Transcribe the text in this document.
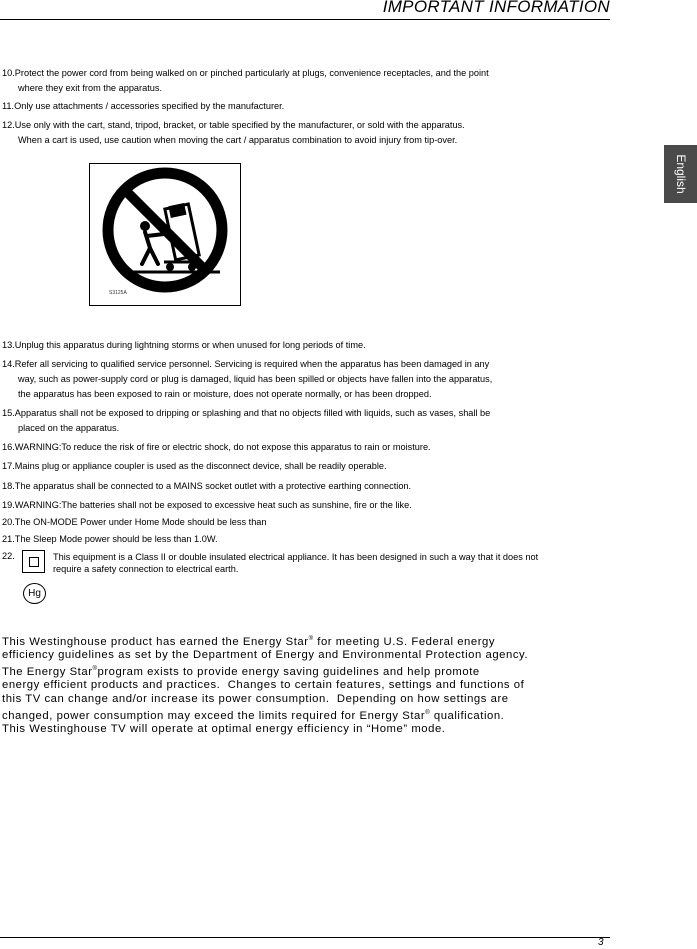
IMPORTANT INFORMATION
English
10.Protect the power cord from being walked on or pinched particularly at plugs, convenience receptacles, and the point
where they exit from the apparatus.
11.Only use attachments / accessories specified by the manufacturer.
12.Use only with the cart, stand, tripod, bracket, or table specified by the manufacturer, or sold with the apparatus.
When a cart is used, use caution when moving the cart / apparatus combination to avoid injury from tip-over.
S3125A
13.Unplug this apparatus during lightning storms or when unused for long periods of time.
14.Refer all servicing to qualified service personnel. Servicing is required when the apparatus has been damaged in any
way, such as power-supply cord or plug is damaged, liquid has been spilled or objects have fallen into the apparatus,
the apparatus has been exposed to rain or moisture, does not operate normally, or has been dropped.
15.Apparatus shall not be exposed to dripping or splashing and that no objects filled with liquids, such as vases, shall be
placed on the apparatus.
16.WARNING:To reduce the risk of fire or electric shock, do not expose this apparatus to rain or moisture.
17.Mains plug or appliance coupler is used as the disconnect device, shall be readily operable.
18.The apparatus shall be connected to a MAINS socket outlet with a protective earthing connection.
19.WARNING:The batteries shall not be exposed to excessive heat such as sunshine, fire or the like.
20.The ON-MODE Power under Home Mode should be less than
21.The Sleep Mode power should be less than 1.0W.
22.	This equipment is a Class II or double insulated electrical appliance. It has been designed in such a way that it does not require a safety connection to electrical earth.
Hg
This Westinghouse product has earned the Energy Star® for meeting U.S. Federal energy
efficiency guidelines as set by the Department of Energy and Environmental Protection agency.
The Energy Star®program exists to provide energy saving guidelines and help promote
energy efficient products and practices.  Changes to certain features, settings and functions of
this TV can change and/or increase its power consumption.  Depending on how settings are
changed, power consumption may exceed the limits required for Energy Star® qualification.
This Westinghouse TV will operate at optimal energy efficiency in “Home” mode.
3
